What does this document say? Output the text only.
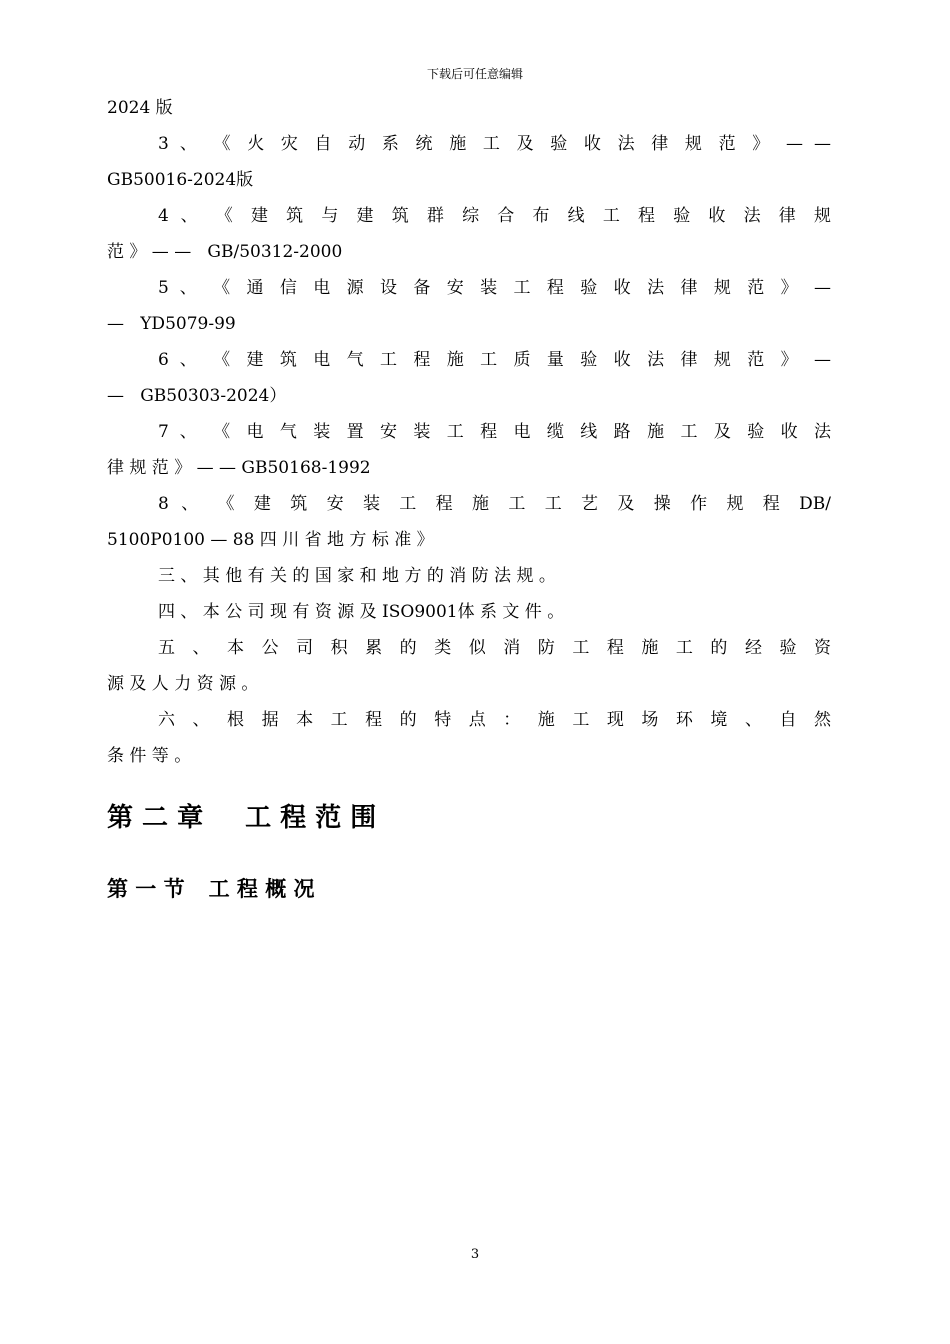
下载后可任意编辑
2024 版
3 、 《 火 灾 自 动 系 统 施 工 及 验 收 法 律 规 范 》 — —
GB50016-2024版
4 、 《 建 筑 与 建 筑 群 综 合 布 线 工 程 验 收 法 律 规
范 》 — —   GB/50312-2000
5 、 《 通 信 电 源 设 备 安 装 工 程 验 收 法 律 规 范 》 —
—   YD5079-99
6 、 《 建 筑 电 气 工 程 施 工 质 量 验 收 法 律 规 范 》 —
—   GB50303-2024）
7 、 《 电 气 装 置 安 装 工 程 电 缆 线 路 施 工 及 验 收 法
律 规 范 》 — — GB50168-1992
8 、 《 建 筑 安 装 工 程 施 工 工 艺 及 操 作 规 程 DB/
5100P0100 — 88 四 川 省 地 方 标 准 》
三 、 其 他 有 关 的 国 家 和 地 方 的 消 防 法 规 。
四 、 本 公 司 现 有 资 源 及 ISO9001体 系 文 件 。
五 、 本 公 司 积 累 的 类 似 消 防 工 程 施 工 的 经 验 资
源 及 人 力 资 源 。
六 、 根 据 本 工 程 的 特 点 ： 施 工 现 场 环 境 、 自 然
条 件 等 。
第 二 章 工 程 范 围
第 一 节 工 程 概 况
3
